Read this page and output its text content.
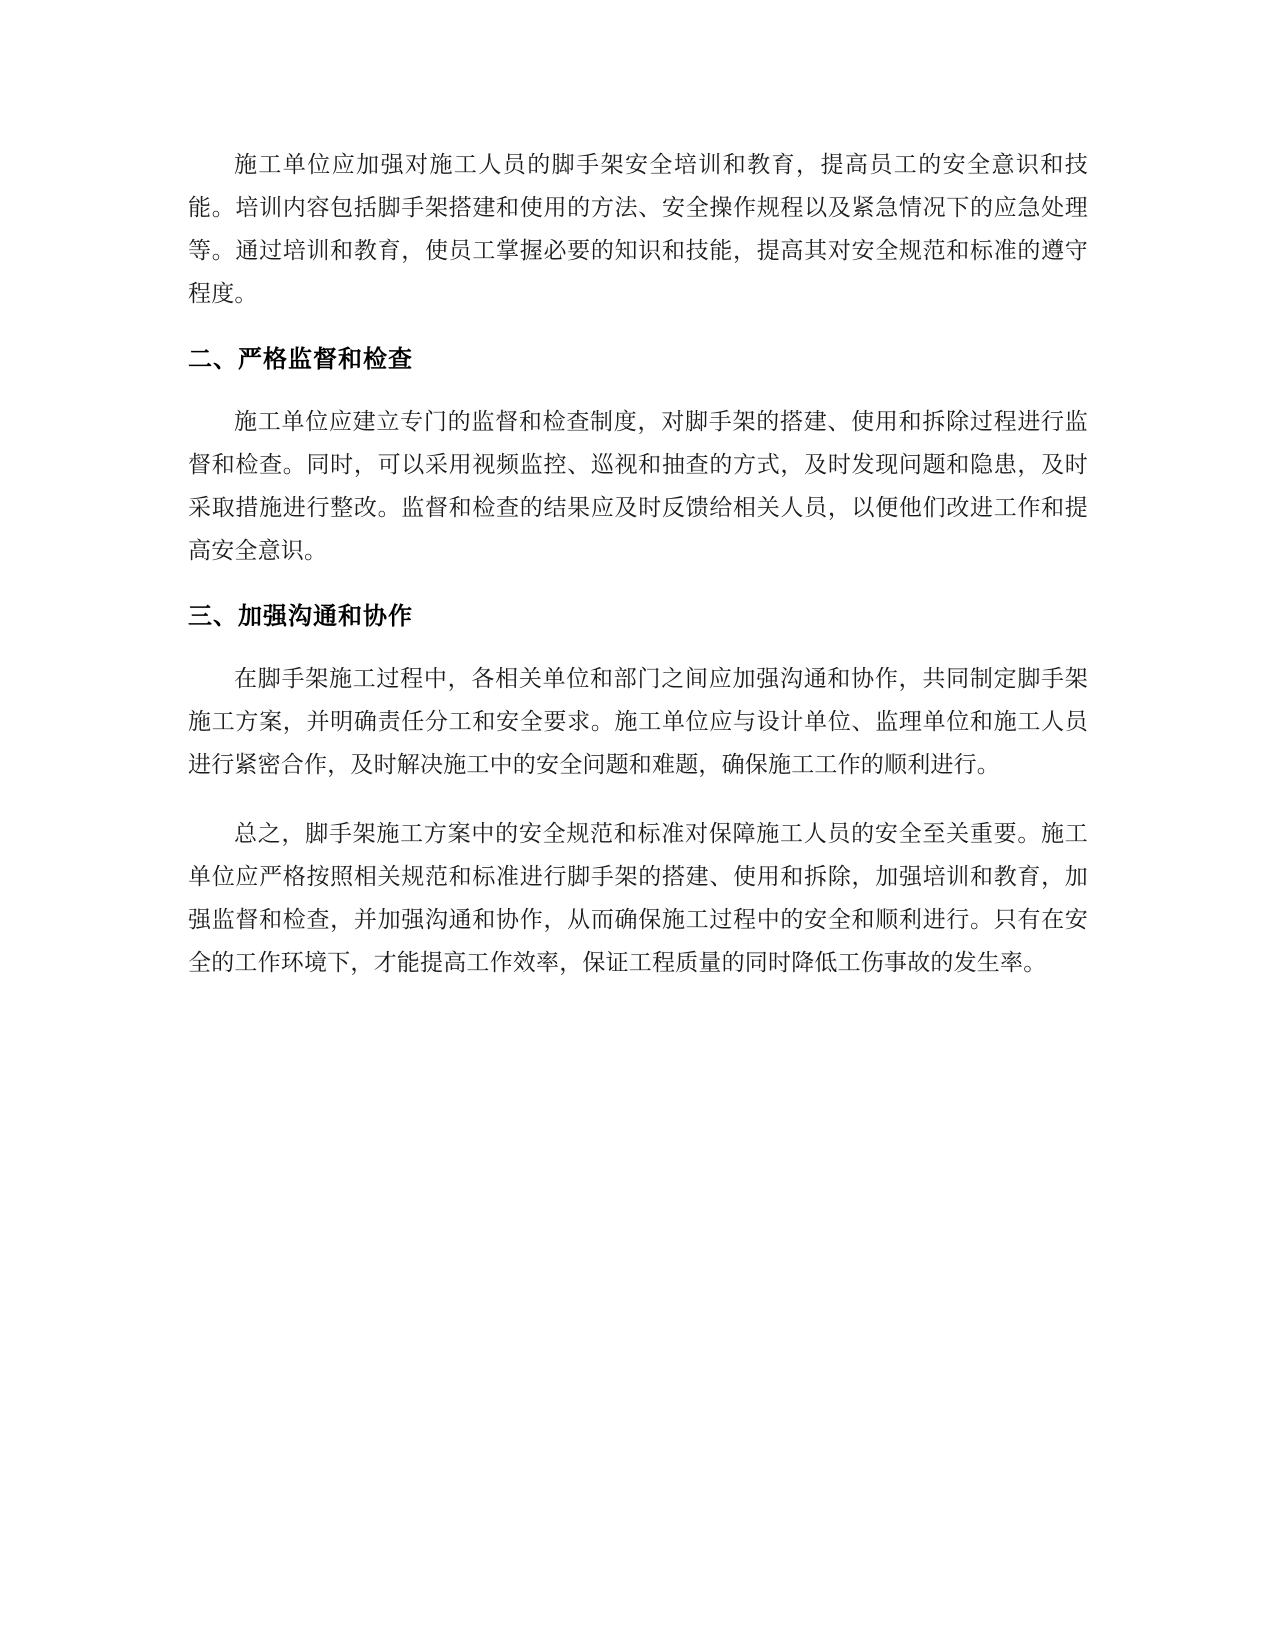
施工单位应加强对施工人员的脚手架安全培训和教育，提高员工的安全意识和技能。培训内容包括脚手架搭建和使用的方法、安全操作规程以及紧急情况下的应急处理等。通过培训和教育，使员工掌握必要的知识和技能，提高其对安全规范和标准的遵守程度。

二、严格监督和检查

施工单位应建立专门的监督和检查制度，对脚手架的搭建、使用和拆除过程进行监督和检查。同时，可以采用视频监控、巡视和抽查的方式，及时发现问题和隐患，及时采取措施进行整改。监督和检查的结果应及时反馈给相关人员，以便他们改进工作和提高安全意识。

三、加强沟通和协作

在脚手架施工过程中，各相关单位和部门之间应加强沟通和协作，共同制定脚手架施工方案，并明确责任分工和安全要求。施工单位应与设计单位、监理单位和施工人员进行紧密合作，及时解决施工中的安全问题和难题，确保施工工作的顺利进行。

总之，脚手架施工方案中的安全规范和标准对保障施工人员的安全至关重要。施工单位应严格按照相关规范和标准进行脚手架的搭建、使用和拆除，加强培训和教育，加强监督和检查，并加强沟通和协作，从而确保施工过程中的安全和顺利进行。只有在安全的工作环境下，才能提高工作效率，保证工程质量的同时降低工伤事故的发生率。
